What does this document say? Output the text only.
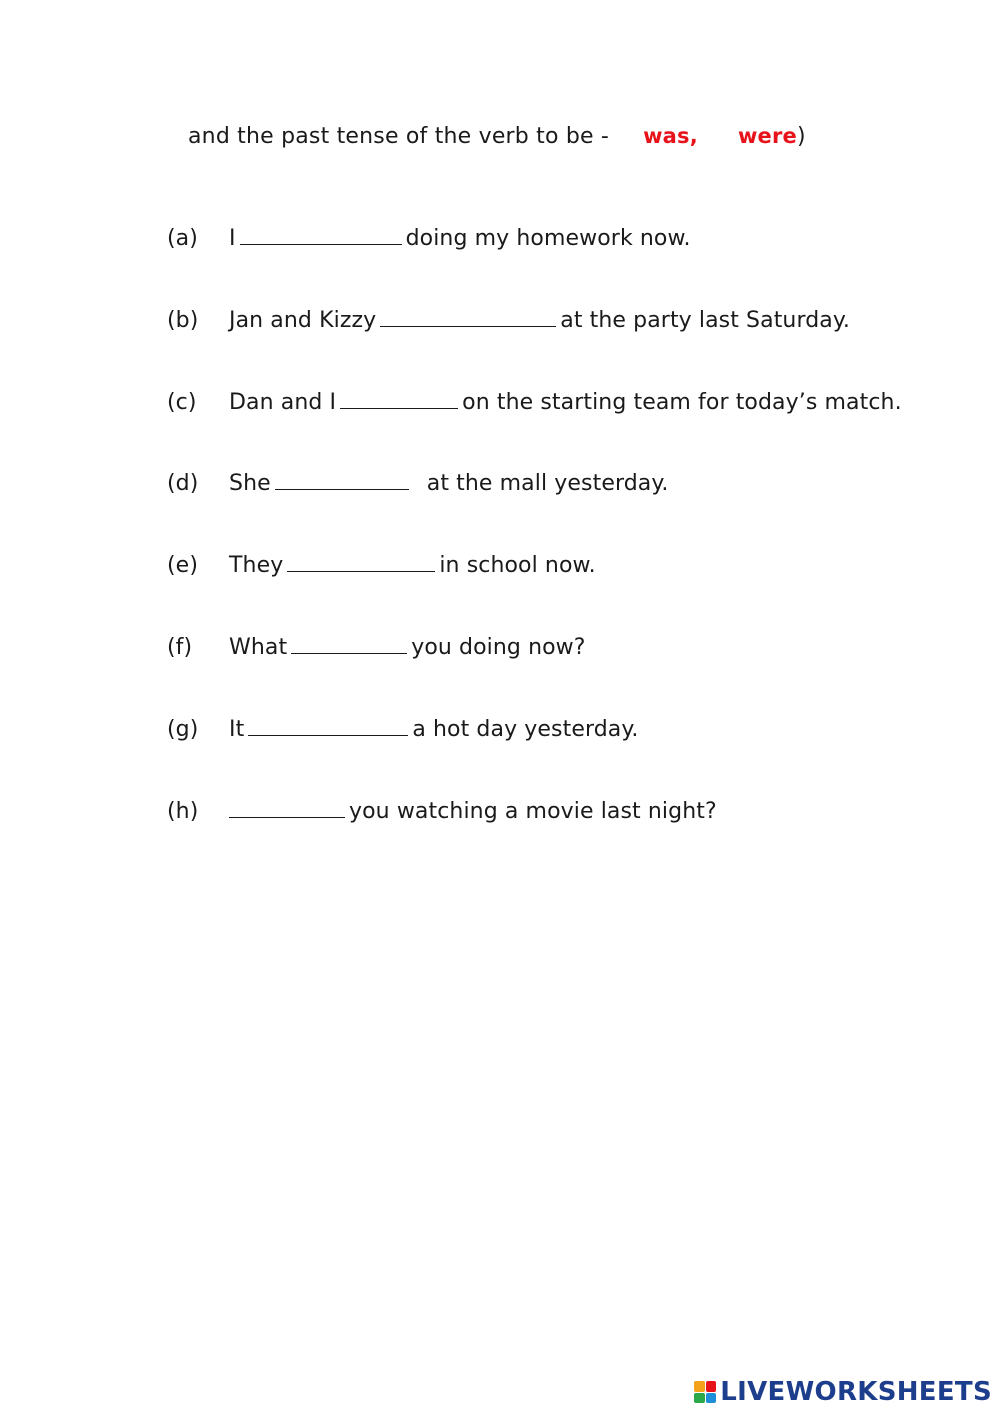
and the past tense of the verb to be - was, were)
(a) I	doing my homework now.
(b) Jan and Kizzy	at the party last Saturday.
(c) Dan and I	on the starting team for today’s match.
(d) She	at the mall yesterday.
(e) They	in school now.
(f) What	you doing now?
(g) It	a hot day yesterday.
(h)	you watching a movie last night?
LIVEWORKSHEETS
